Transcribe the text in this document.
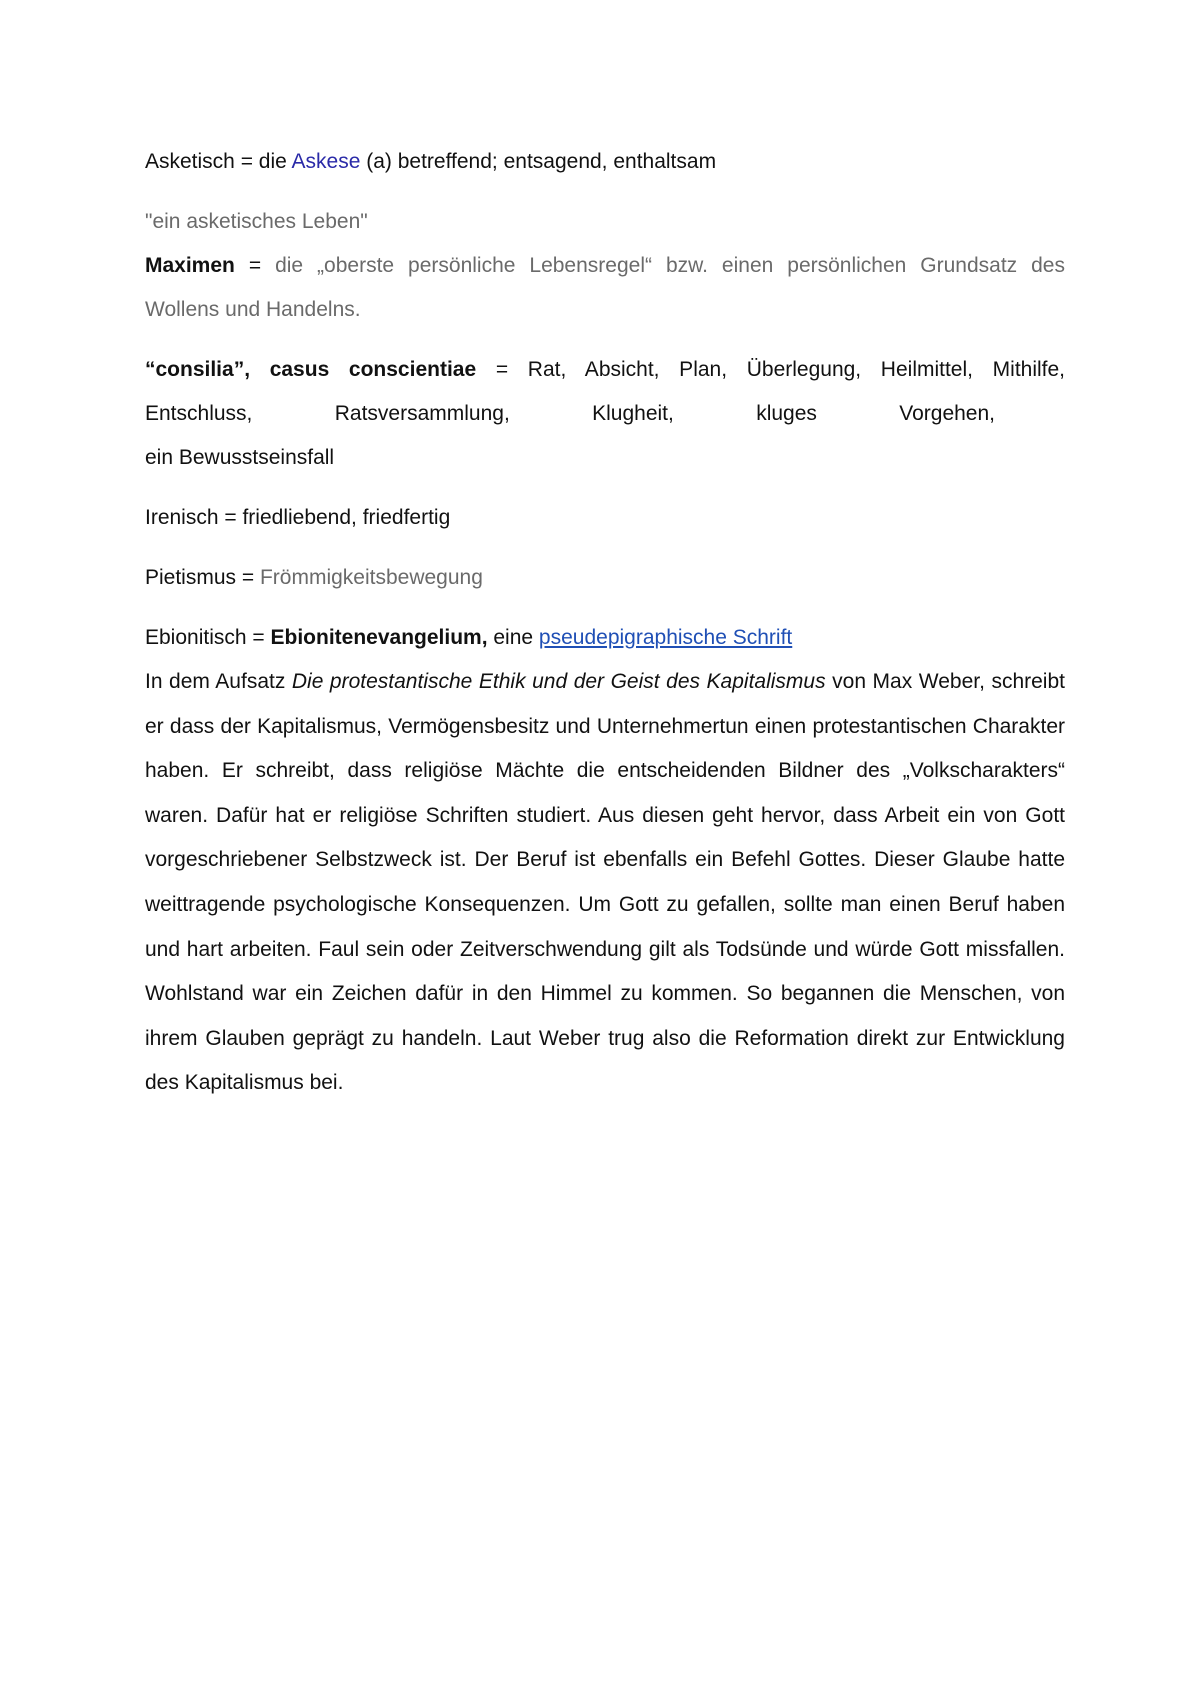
Asketisch = die Askese (a) betreffend; entsagend, enthaltsam

"ein asketisches Leben"

Maximen = die „oberste persönliche Lebensregel“ bzw. einen persönlichen Grundsatz des

Wollens und Handelns.

“consilia”, casus conscientiae = Rat, Absicht, Plan, Überlegung, Heilmittel, Mithilfe,

Entschluss, Ratsversammlung, Klugheit, kluges Vorgehen,

ein Bewusstseinsfall

Irenisch = friedliebend, friedfertig

Pietismus = Frömmigkeitsbewegung

Ebionitisch = Ebionitenevangelium, eine pseudepigraphische Schrift

In dem Aufsatz Die protestantische Ethik und der Geist des Kapitalismus von Max Weber, schreibt er dass der Kapitalismus, Vermögensbesitz und Unternehmertun einen protestantischen Charakter haben. Er schreibt, dass religiöse Mächte die entscheidenden Bildner des „Volkscharakters“ waren. Dafür hat er religiöse Schriften studiert. Aus diesen geht hervor, dass Arbeit ein von Gott vorgeschriebener Selbstzweck ist. Der Beruf ist ebenfalls ein Befehl Gottes. Dieser Glaube hatte weittragende psychologische Konsequenzen. Um Gott zu gefallen, sollte man einen Beruf haben und hart arbeiten. Faul sein oder Zeitverschwendung gilt als Todsünde und würde Gott missfallen. Wohlstand war ein Zeichen dafür in den Himmel zu kommen. So begannen die Menschen, von ihrem Glauben geprägt zu handeln. Laut Weber trug also die Reformation direkt zur Entwicklung des Kapitalismus bei.
